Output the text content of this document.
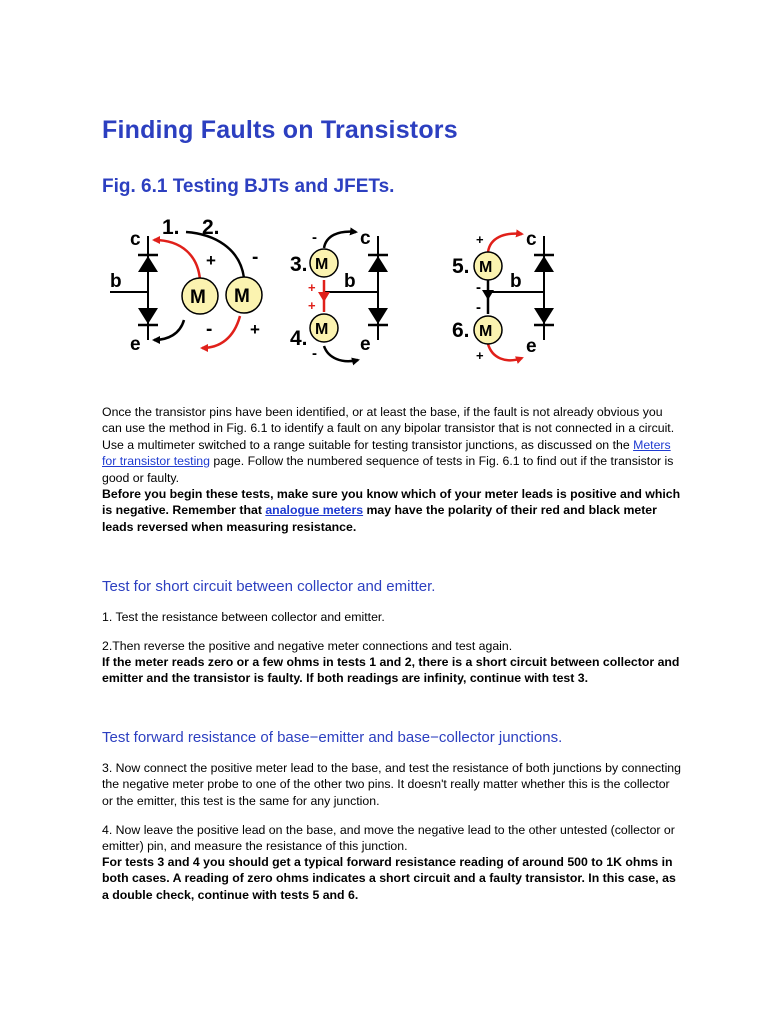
Finding Faults on Transistors
Fig. 6.1 Testing BJTs and JFETs.
c
b
e
M M
1. 2.
+ -
- +
c
b
e
M
M
3.
4.
-
+
+
-
c
b
e
M
M
5.
6.
+
-
-
+
Once the transistor pins have been identified, or at least the base, if the fault is not already obvious you can use the method in Fig. 6.1 to identify a fault on any bipolar transistor that is not connected in a circuit.
Use a multimeter switched to a range suitable for testing transistor junctions, as discussed on the Meters for transistor testing page. Follow the numbered sequence of tests in Fig. 6.1 to find out if the transistor is good or faulty.
Before you begin these tests, make sure you know which of your meter leads is positive and which is negative. Remember that analogue meters may have the polarity of their red and black meter leads reversed when measuring resistance.
Test for short circuit between collector and emitter.
1. Test the resistance between collector and emitter.
2.Then reverse the positive and negative meter connections and test again.
If the meter reads zero or a few ohms in tests 1 and 2, there is a short circuit between collector and emitter and the transistor is faulty. If both readings are infinity, continue with test 3.
Test forward resistance of base−emitter and base−collector junctions.
3. Now connect the positive meter lead to the base, and test the resistance of both junctions by connecting the negative meter probe to one of the other two pins. It doesn't really matter whether this is the collector or the emitter, this test is the same for any junction.
4. Now leave the positive lead on the base, and move the negative lead to the other untested (collector or emitter) pin, and measure the resistance of this junction.
For tests 3 and 4 you should get a typical forward resistance reading of around 500 to 1K ohms in both cases. A reading of zero ohms indicates a short circuit and a faulty transistor. In this case, as a double check, continue with tests 5 and 6.
